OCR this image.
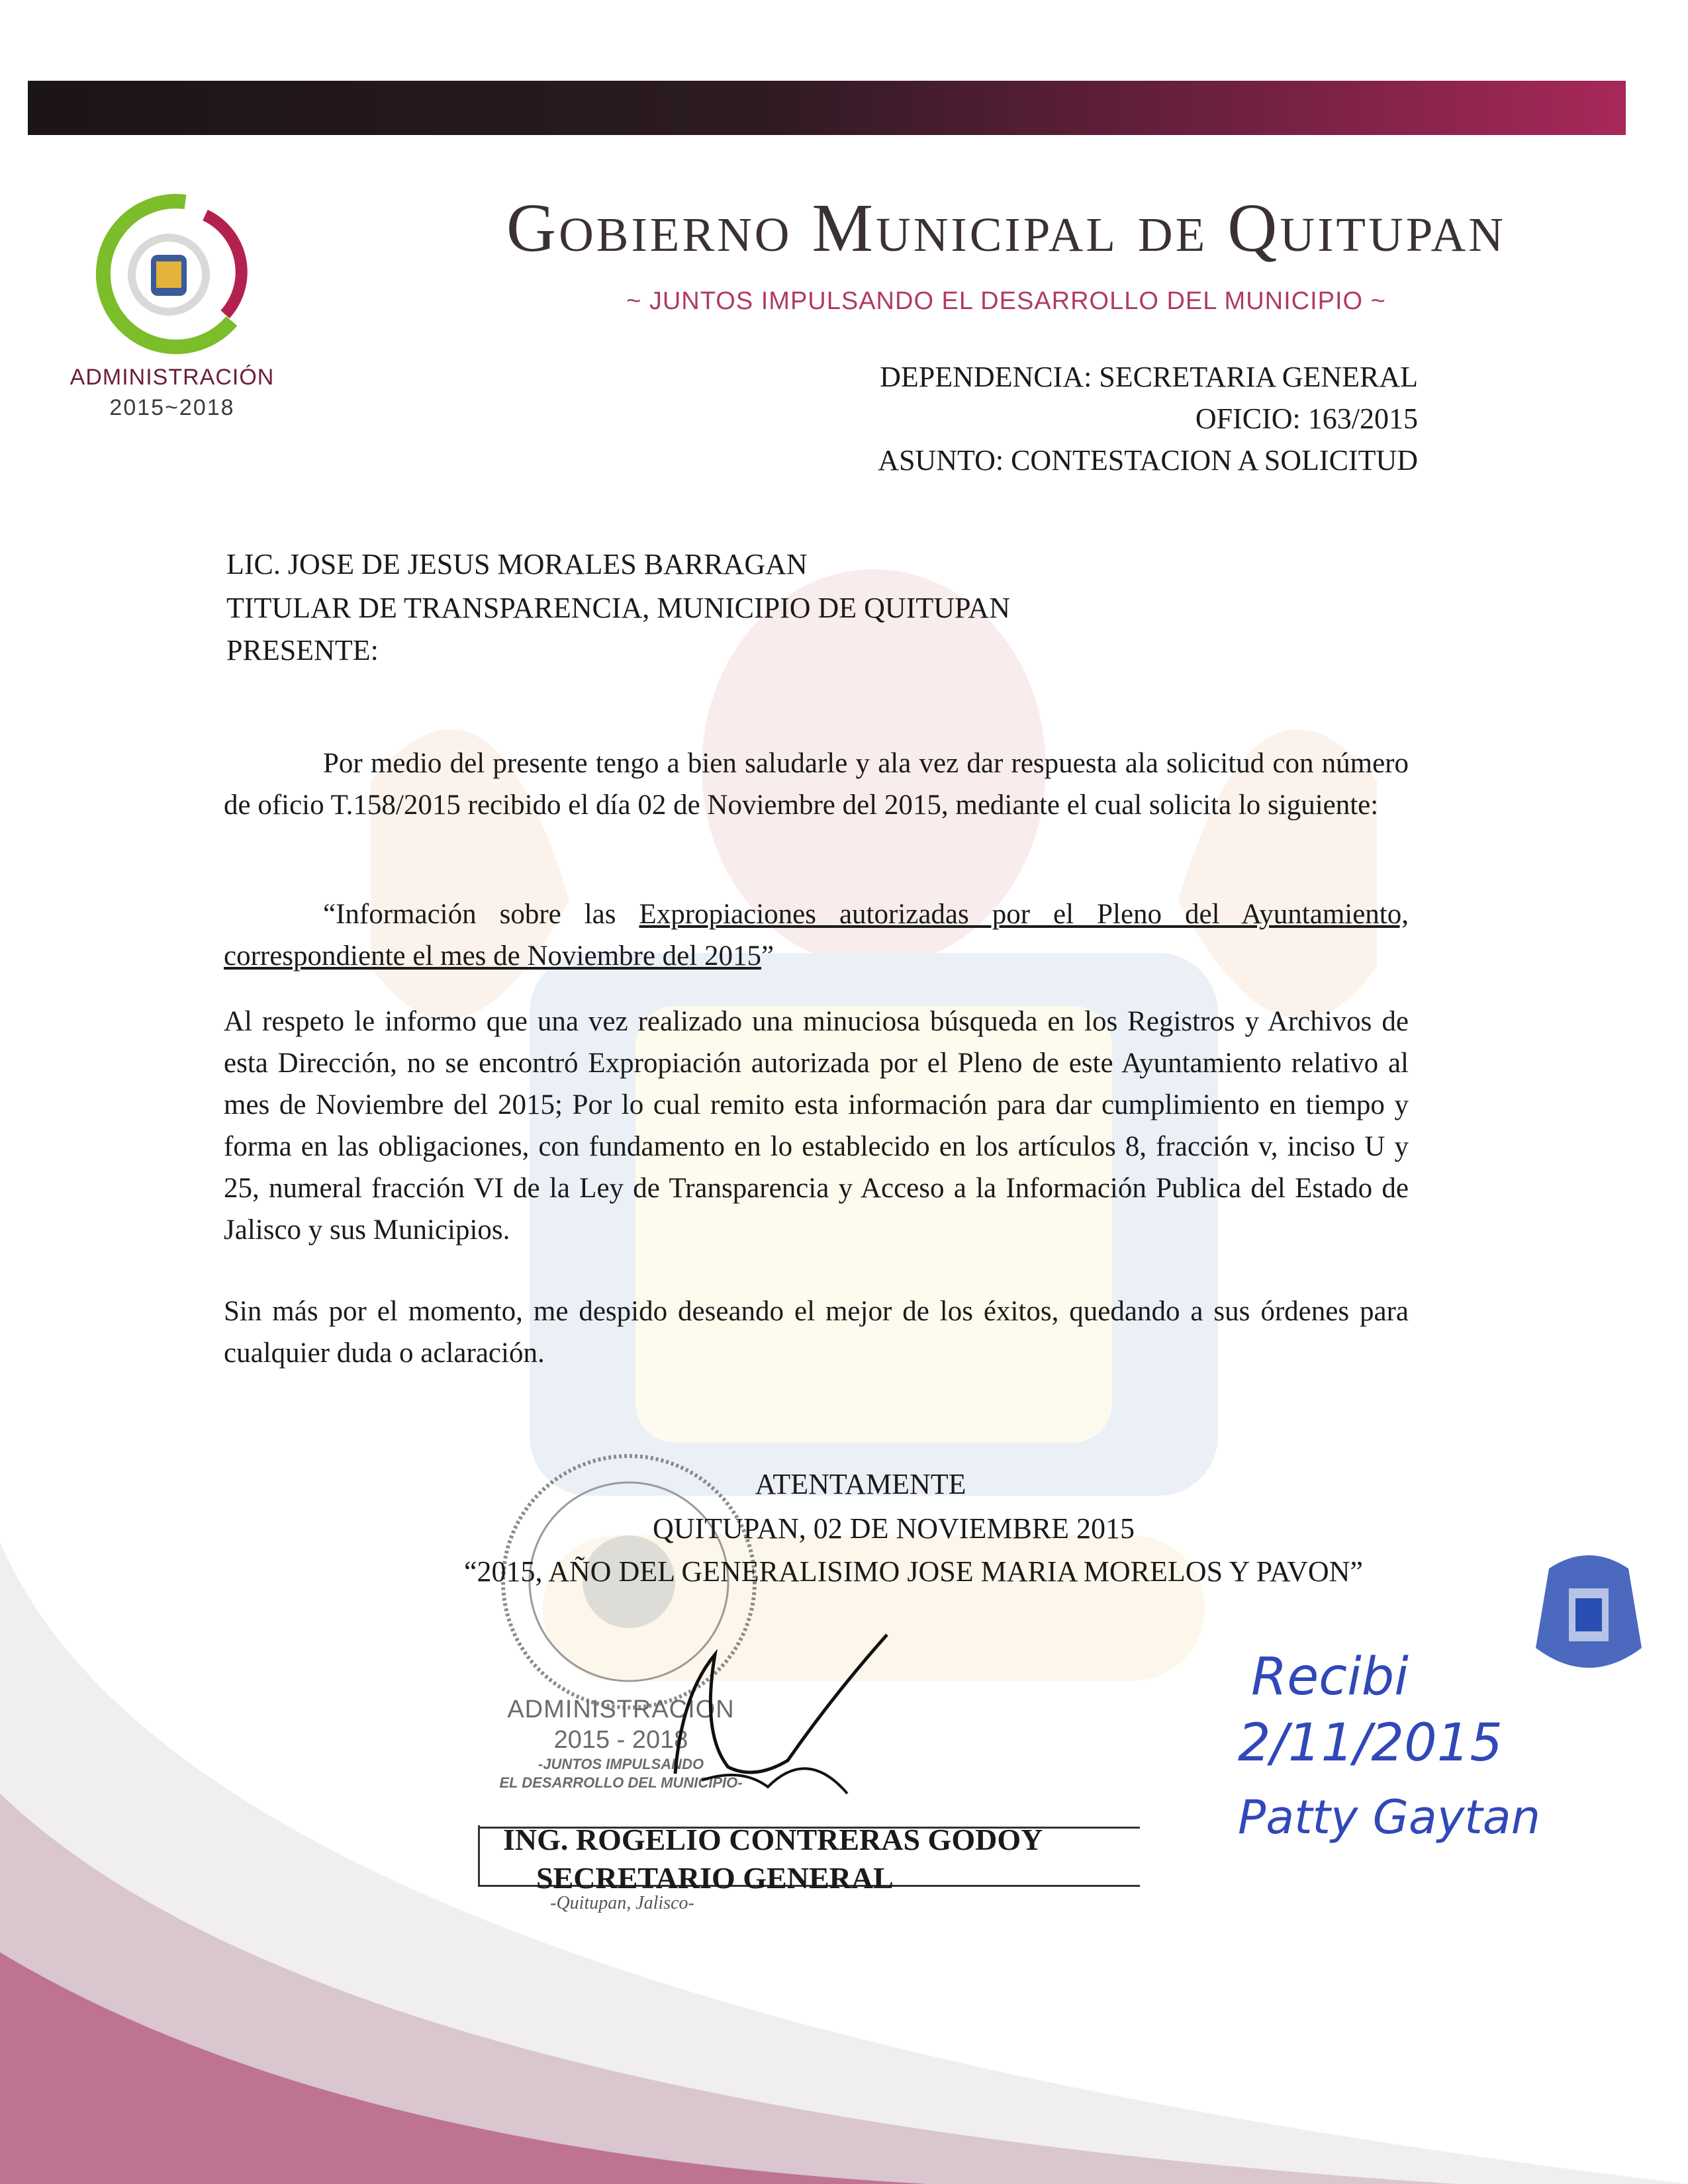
ADMINISTRACIÓN
2015~2018
Gobierno Municipal de Quitupan
~ JUNTOS IMPULSANDO EL DESARROLLO DEL MUNICIPIO ~
DEPENDENCIA: SECRETARIA GENERAL
OFICIO: 163/2015
ASUNTO: CONTESTACION A SOLICITUD
LIC. JOSE DE JESUS MORALES BARRAGAN
TITULAR DE TRANSPARENCIA, MUNICIPIO DE QUITUPAN
PRESENTE:
Por medio del presente tengo a bien saludarle y ala vez dar respuesta ala solicitud con número de oficio T.158/2015 recibido el día 02 de Noviembre del 2015, mediante el cual solicita lo siguiente:
“Información sobre las Expropiaciones autorizadas por el Pleno del Ayuntamiento, correspondiente el mes de Noviembre del 2015”
Al respeto le informo que una vez realizado una minuciosa búsqueda en los Registros y Archivos de esta Dirección, no se encontró Expropiación autorizada por el Pleno de este Ayuntamiento relativo al mes de Noviembre del 2015; Por lo cual remito esta información para dar cumplimiento en tiempo y forma en las obligaciones, con fundamento en lo establecido en los artículos 8, fracción v, inciso U y 25, numeral fracción VI de la Ley de Transparencia y Acceso a la Información Publica del Estado de Jalisco y sus Municipios.
Sin más por el momento, me despido deseando el mejor de los éxitos, quedando a sus órdenes para cualquier duda o aclaración.
ATENTAMENTE
QUITUPAN, 02 DE NOVIEMBRE 2015
“2015, AÑO DEL GENERALISIMO JOSE MARIA MORELOS Y PAVON”
ADMINISTRACION
2015 - 2018
-JUNTOS IMPULSANDO
EL DESARROLLO DEL MUNICIPIO-
ING. ROGELIO CONTRERAS GODOY
SECRETARIO GENERAL
-Quitupan, Jalisco-
Recibi
2/11/2015
Patty Gaytan
